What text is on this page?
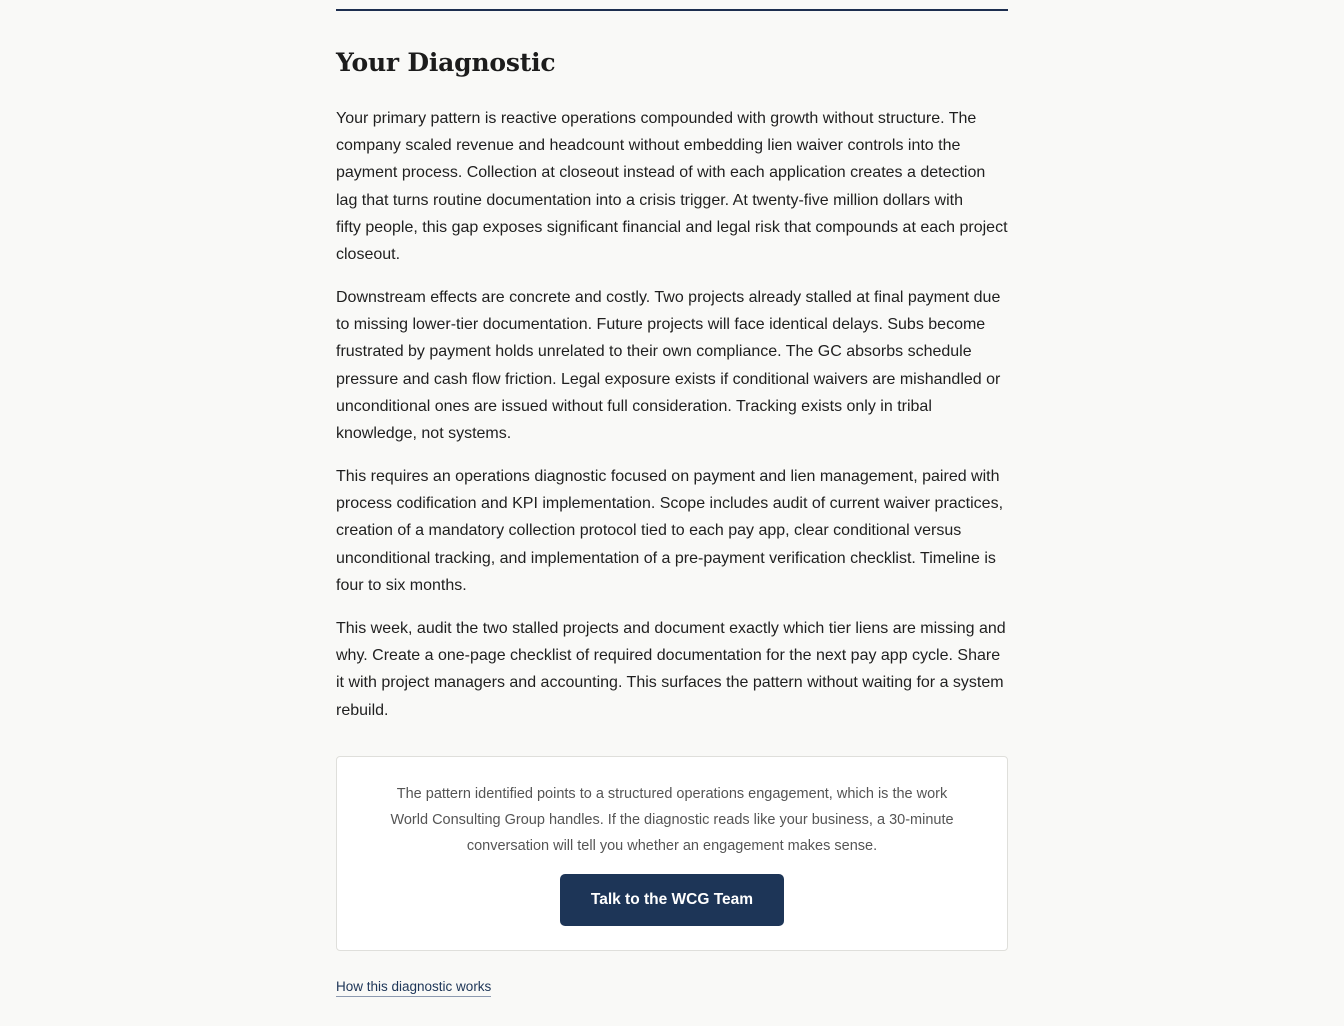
Your Diagnostic

Your primary pattern is reactive operations compounded with growth without structure. The
company scaled revenue and headcount without embedding lien waiver controls into the
payment process. Collection at closeout instead of with each application creates a detection
lag that turns routine documentation into a crisis trigger. At twenty-five million dollars with
fifty people, this gap exposes significant financial and legal risk that compounds at each project
closeout.

Downstream effects are concrete and costly. Two projects already stalled at final payment due
to missing lower-tier documentation. Future projects will face identical delays. Subs become
frustrated by payment holds unrelated to their own compliance. The GC absorbs schedule
pressure and cash flow friction. Legal exposure exists if conditional waivers are mishandled or
unconditional ones are issued without full consideration. Tracking exists only in tribal
knowledge, not systems.

This requires an operations diagnostic focused on payment and lien management, paired with
process codification and KPI implementation. Scope includes audit of current waiver practices,
creation of a mandatory collection protocol tied to each pay app, clear conditional versus
unconditional tracking, and implementation of a pre-payment verification checklist. Timeline is
four to six months.

This week, audit the two stalled projects and document exactly which tier liens are missing and
why. Create a one-page checklist of required documentation for the next pay app cycle. Share
it with project managers and accounting. This surfaces the pattern without waiting for a system
rebuild.

The pattern identified points to a structured operations engagement, which is the work
World Consulting Group handles. If the diagnostic reads like your business, a 30-minute
conversation will tell you whether an engagement makes sense.

Talk to the WCG Team
How this diagnostic works
